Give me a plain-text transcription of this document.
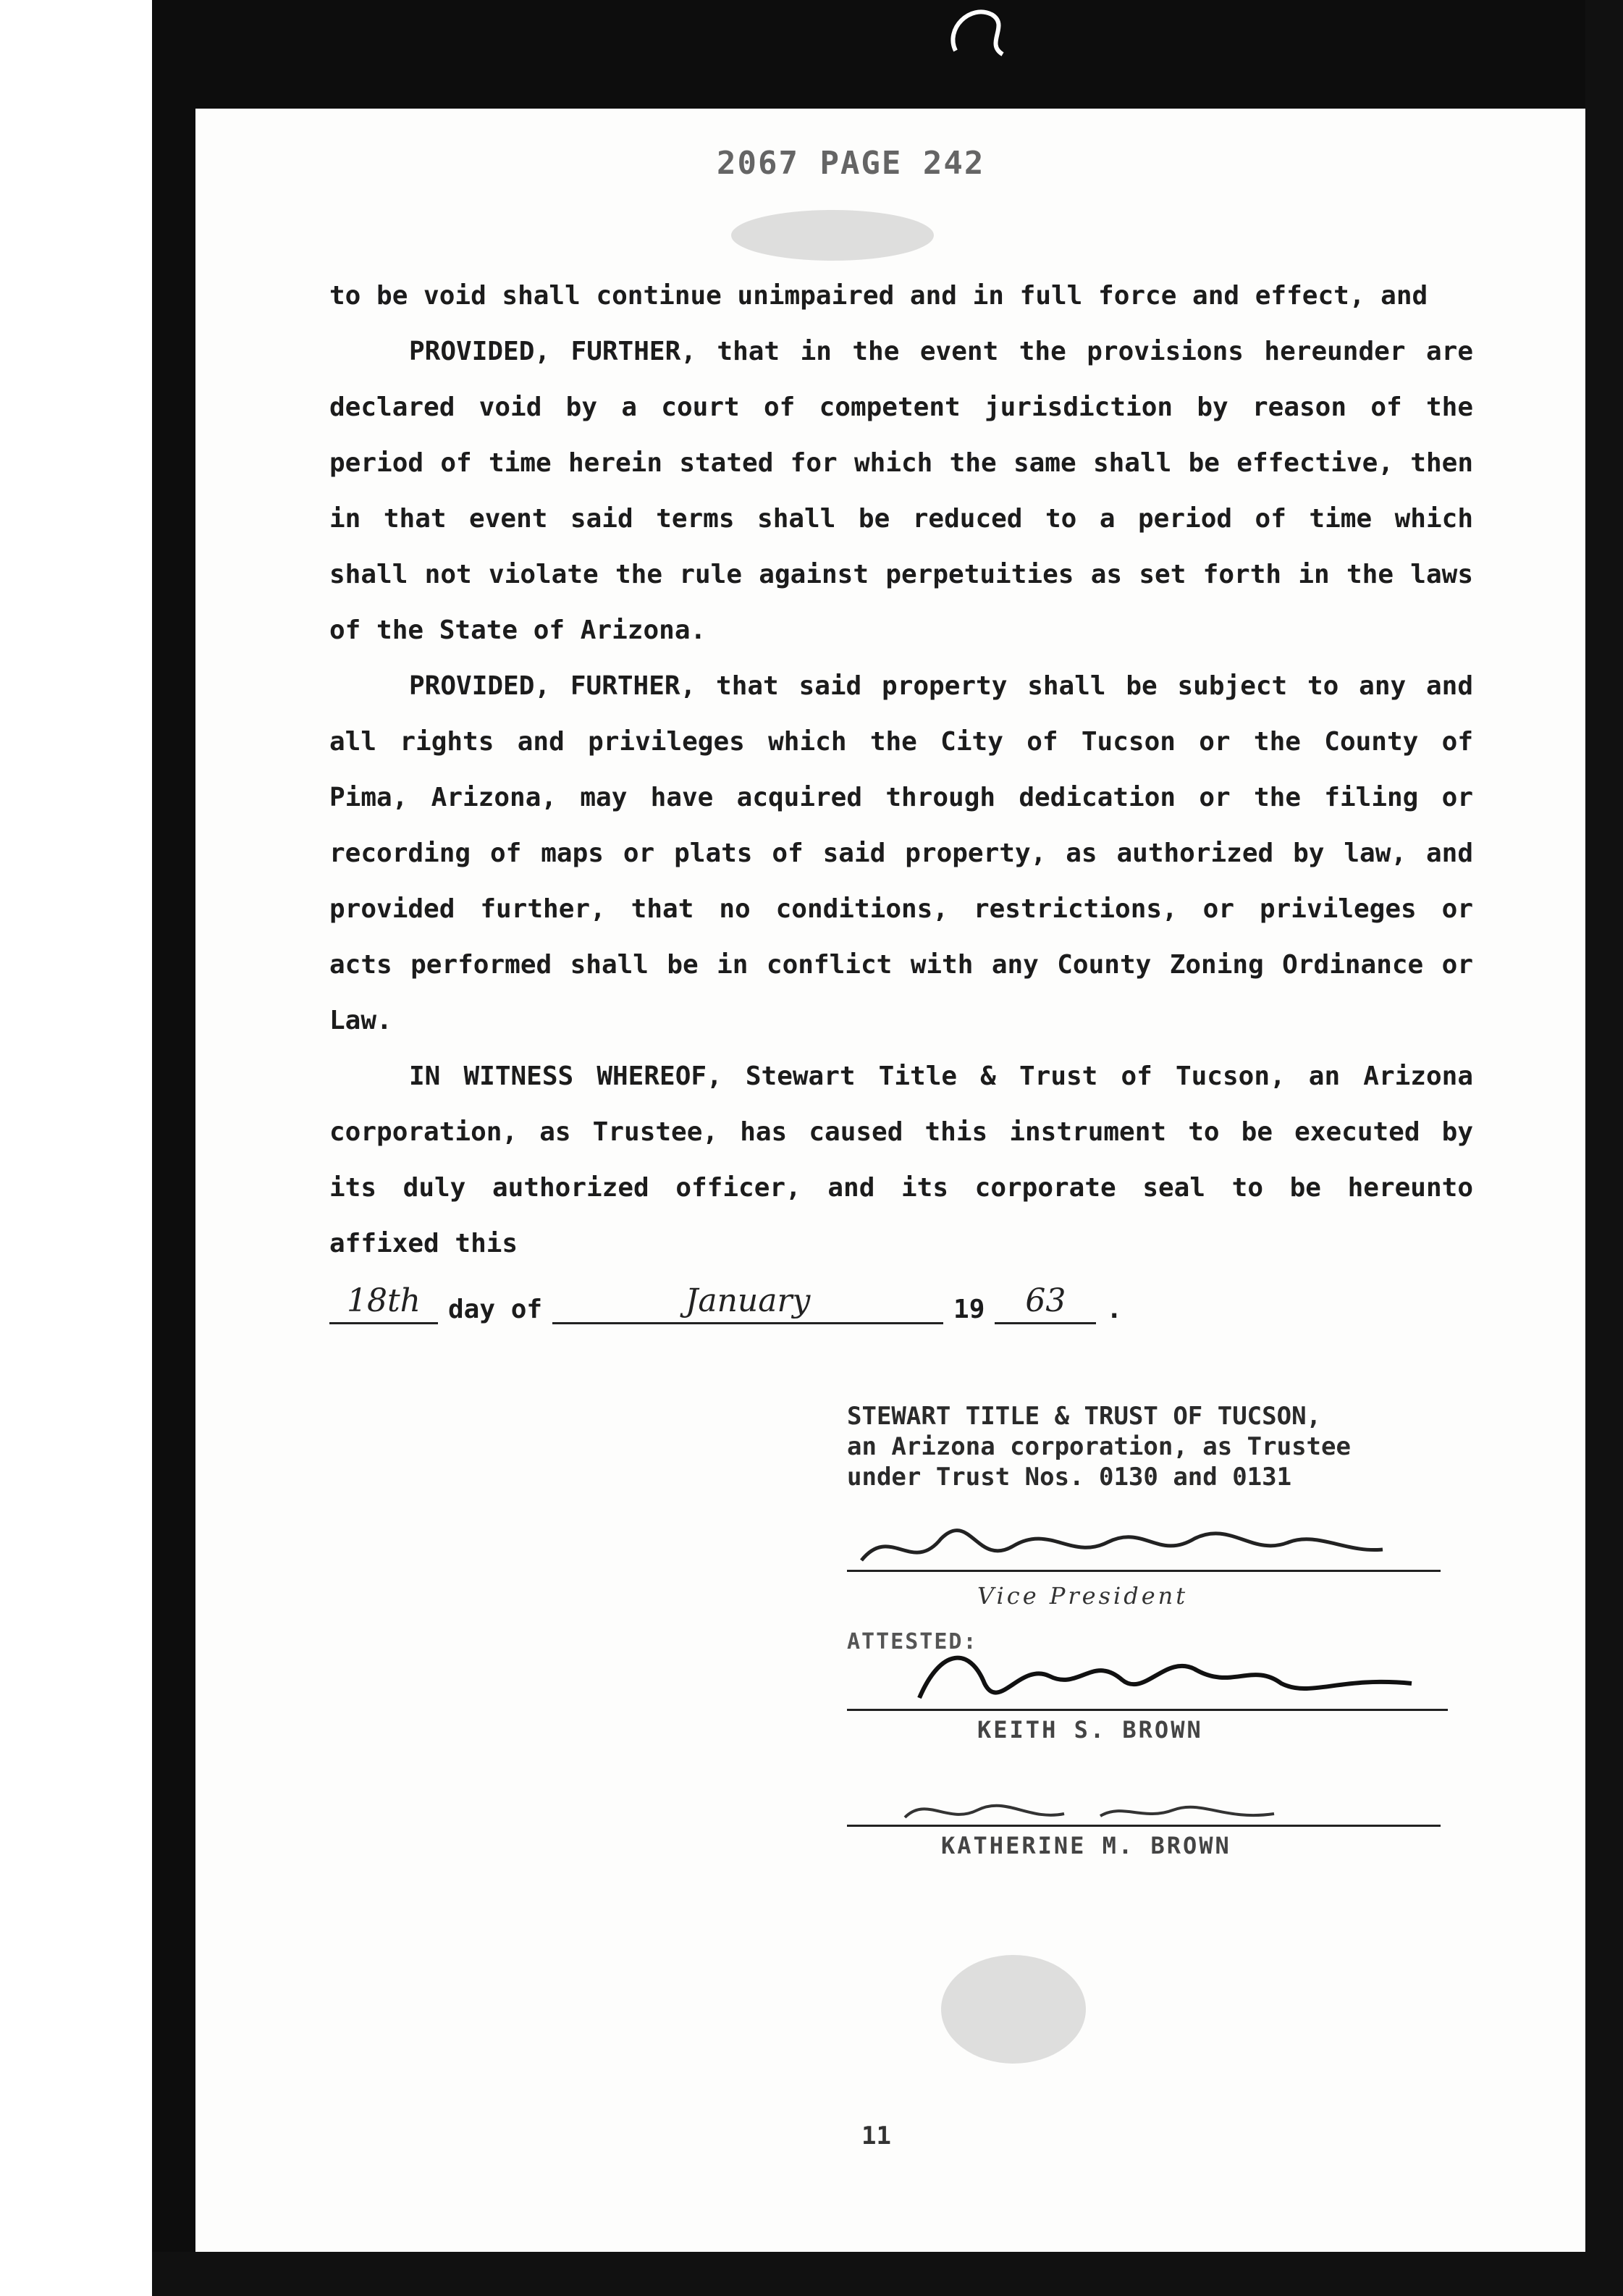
2067 PAGE 242

to be void shall continue unimpaired and in full force and effect, and

PROVIDED, FURTHER, that in the event the provisions hereunder are declared void by a court of competent jurisdiction by reason of the period of time herein stated for which the same shall be effective, then in that event said terms shall be reduced to a period of time which shall not violate the rule against perpetuities as set forth in the laws of the State of Arizona.

PROVIDED, FURTHER, that said property shall be subject to any and all rights and privileges which the City of Tucson or the County of Pima, Arizona, may have acquired through dedication or the filing or recording of maps or plats of said property, as authorized by law, and provided further, that no conditions, restrictions, or privileges or acts performed shall be in conflict with any County Zoning Ordinance or Law.

IN WITNESS WHEREOF, Stewart Title & Trust of Tucson, an Arizona corporation, as Trustee, has caused this instrument to be executed by its duly authorized officer, and its corporate seal to be hereunto affixed this

18th	day of	January	19	63	.

STEWART TITLE & TRUST OF TUCSON,

an Arizona corporation, as Trustee

under Trust Nos. 0130 and 0131

Vice President
ATTESTED:
KEITH S. BROWN
KATHERINE M. BROWN
11
